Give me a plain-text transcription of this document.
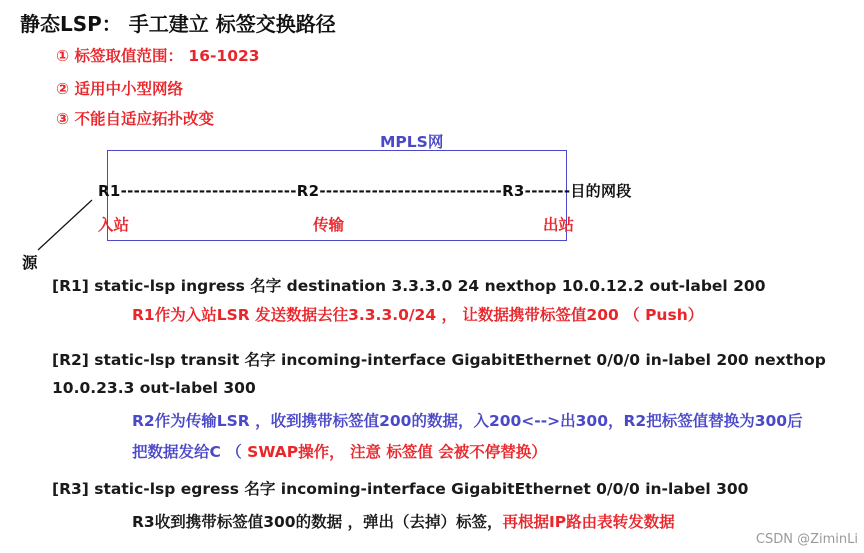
静态LSP： 手工建立 标签交换路径
① 标签取值范围： 16-1023
② 适用中小型网络
③ 不能自适应拓扑改变
MPLS网
R1---------------------------R2----------------------------R3-------目的网段
入站	传输	出站
源
[R1] static-lsp ingress 名字 destination 3.3.3.0 24 nexthop 10.0.12.2 out-label 200
R1作为入站LSR 发送数据去往3.3.3.0/24 ， 让数据携带标签值200 （ Push）
[R2] static-lsp transit 名字 incoming-interface GigabitEthernet 0/0/0 in-label 200 nexthop
10.0.23.3 out-label 300
R2作为传输LSR ，收到携带标签值200的数据，入200<-->出300，R2把标签值替换为300后
把数据发给C （ SWAP操作， 注意 标签值 会被不停替换）
[R3] static-lsp egress 名字 incoming-interface GigabitEthernet 0/0/0 in-label 300
R3收到携带标签值300的数据 ，弹出（去掉）标签，再根据IP路由表转发数据
CSDN @ZiminLi
